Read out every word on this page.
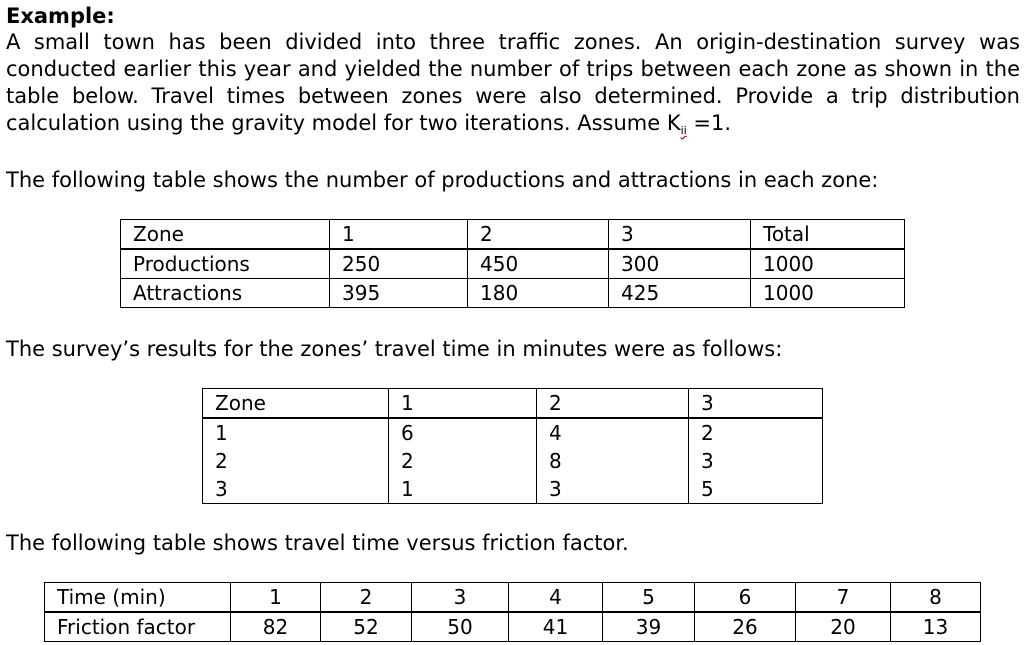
Example:

A small town has been divided into three traffic zones. An origin-destination survey was conducted earlier this year and yielded the number of trips between each zone as shown in the table below. Travel times between zones were also determined. Provide a trip distribution calculation using the gravity model for two iterations. Assume Kii =1.

The following table shows the number of productions and attractions in each zone:

Zone	1	2	3	Total
Productions	250	450	300	1000
Attractions	395	180	425	1000

The survey’s results for the zones’ travel time in minutes were as follows:

Zone	1	2	3
1	6	4	2
2	2	8	3
3	1	3	5

The following table shows travel time versus friction factor.

Time (min)	1	2	3	4	5	6	7	8
Friction factor	82	52	50	41	39	26	20	13
